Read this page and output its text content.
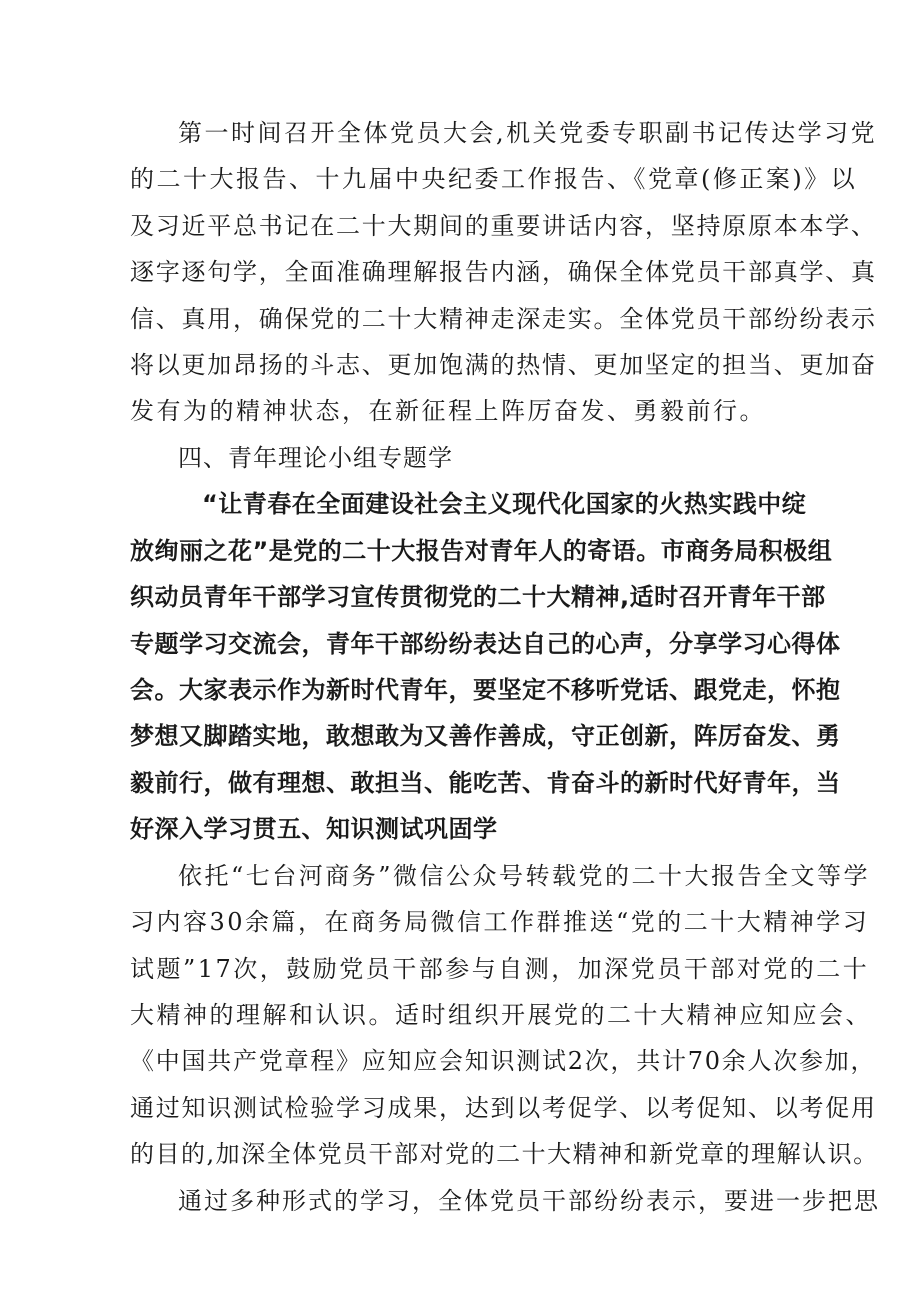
第一时间召开全体党员大会,机关党委专职副书记传达学习党

的二十大报告、十九届中央纪委工作报告、《党章(修正案)》以

及习近平总书记在二十大期间的重要讲话内容，坚持原原本本学、

逐字逐句学，全面准确理解报告内涵，确保全体党员干部真学、真

信、真用，确保党的二十大精神走深走实。全体党员干部纷纷表示

将以更加昂扬的斗志、更加饱满的热情、更加坚定的担当、更加奋

发有为的精神状态，在新征程上阵厉奋发、勇毅前行。

四、青年理论小组专题学

“让青春在全面建设社会主义现代化国家的火热实践中绽

放绚丽之花”是党的二十大报告对青年人的寄语。市商务局积极组

织动员青年干部学习宣传贯彻党的二十大精神,适时召开青年干部

专题学习交流会，青年干部纷纷表达自己的心声，分享学习心得体

会。大家表示作为新时代青年，要坚定不移听党话、跟党走，怀抱

梦想又脚踏实地，敢想敢为又善作善成，守正创新，阵厉奋发、勇

毅前行，做有理想、敢担当、能吃苦、肯奋斗的新时代好青年，当

好深入学习贯五、知识测试巩固学

依托“七台河商务”微信公众号转载党的二十大报告全文等学

习内容30余篇，在商务局微信工作群推送“党的二十大精神学习

试题”17次，鼓励党员干部参与自测，加深党员干部对党的二十

大精神的理解和认识。适时组织开展党的二十大精神应知应会、

《中国共产党章程》应知应会知识测试2次，共计70余人次参加，

通过知识测试检验学习成果，达到以考促学、以考促知、以考促用

的目的,加深全体党员干部对党的二十大精神和新党章的理解认识。

通过多种形式的学习，全体党员干部纷纷表示，要进一步把思
